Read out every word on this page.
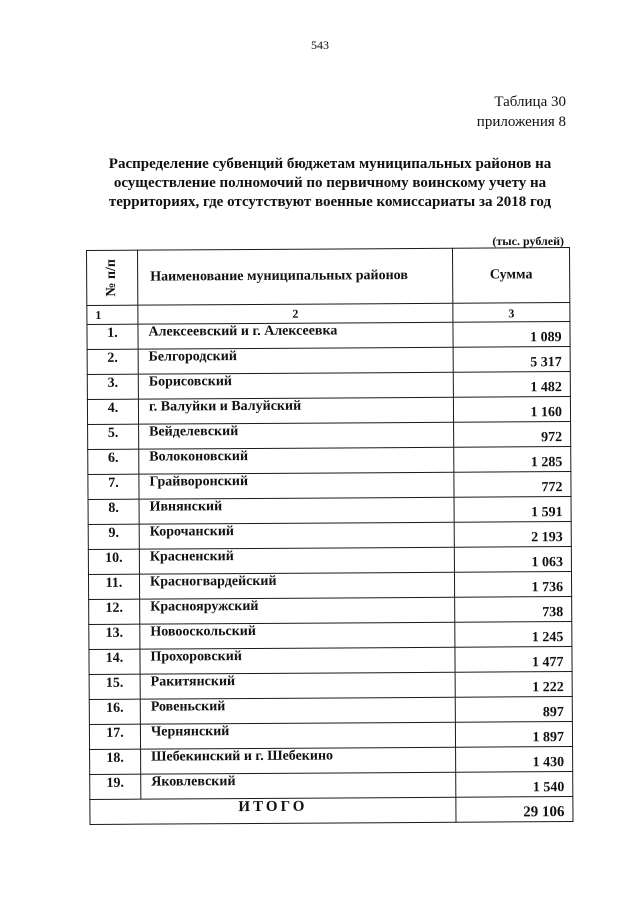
543
Таблица 30
приложения 8
Распределение субвенций бюджетам муниципальных районов на
осуществление полномочий по первичному воинскому учету на
территориях, где отсутствуют военные комиссариаты за 2018 год
(тыс. рублей)
№ п/п	Наименование муниципальных районов	Сумма
1	2	3
1.	Алексеевский и г. Алексеевка	1 089
2.	Белгородский	5 317
3.	Борисовский	1 482
4.	г. Валуйки и Валуйский	1 160
5.	Вейделевский	972
6.	Волоконовский	1 285
7.	Грайворонский	772
8.	Ивнянский	1 591
9.	Корочанский	2 193
10.	Красненский	1 063
11.	Красногвардейский	1 736
12.	Краснояружский	738
13.	Новооскольский	1 245
14.	Прохоровский	1 477
15.	Ракитянский	1 222
16.	Ровеньский	897
17.	Чернянский	1 897
18.	Шебекинский и г. Шебекино	1 430
19.	Яковлевский	1 540
ИТОГО		29 106
